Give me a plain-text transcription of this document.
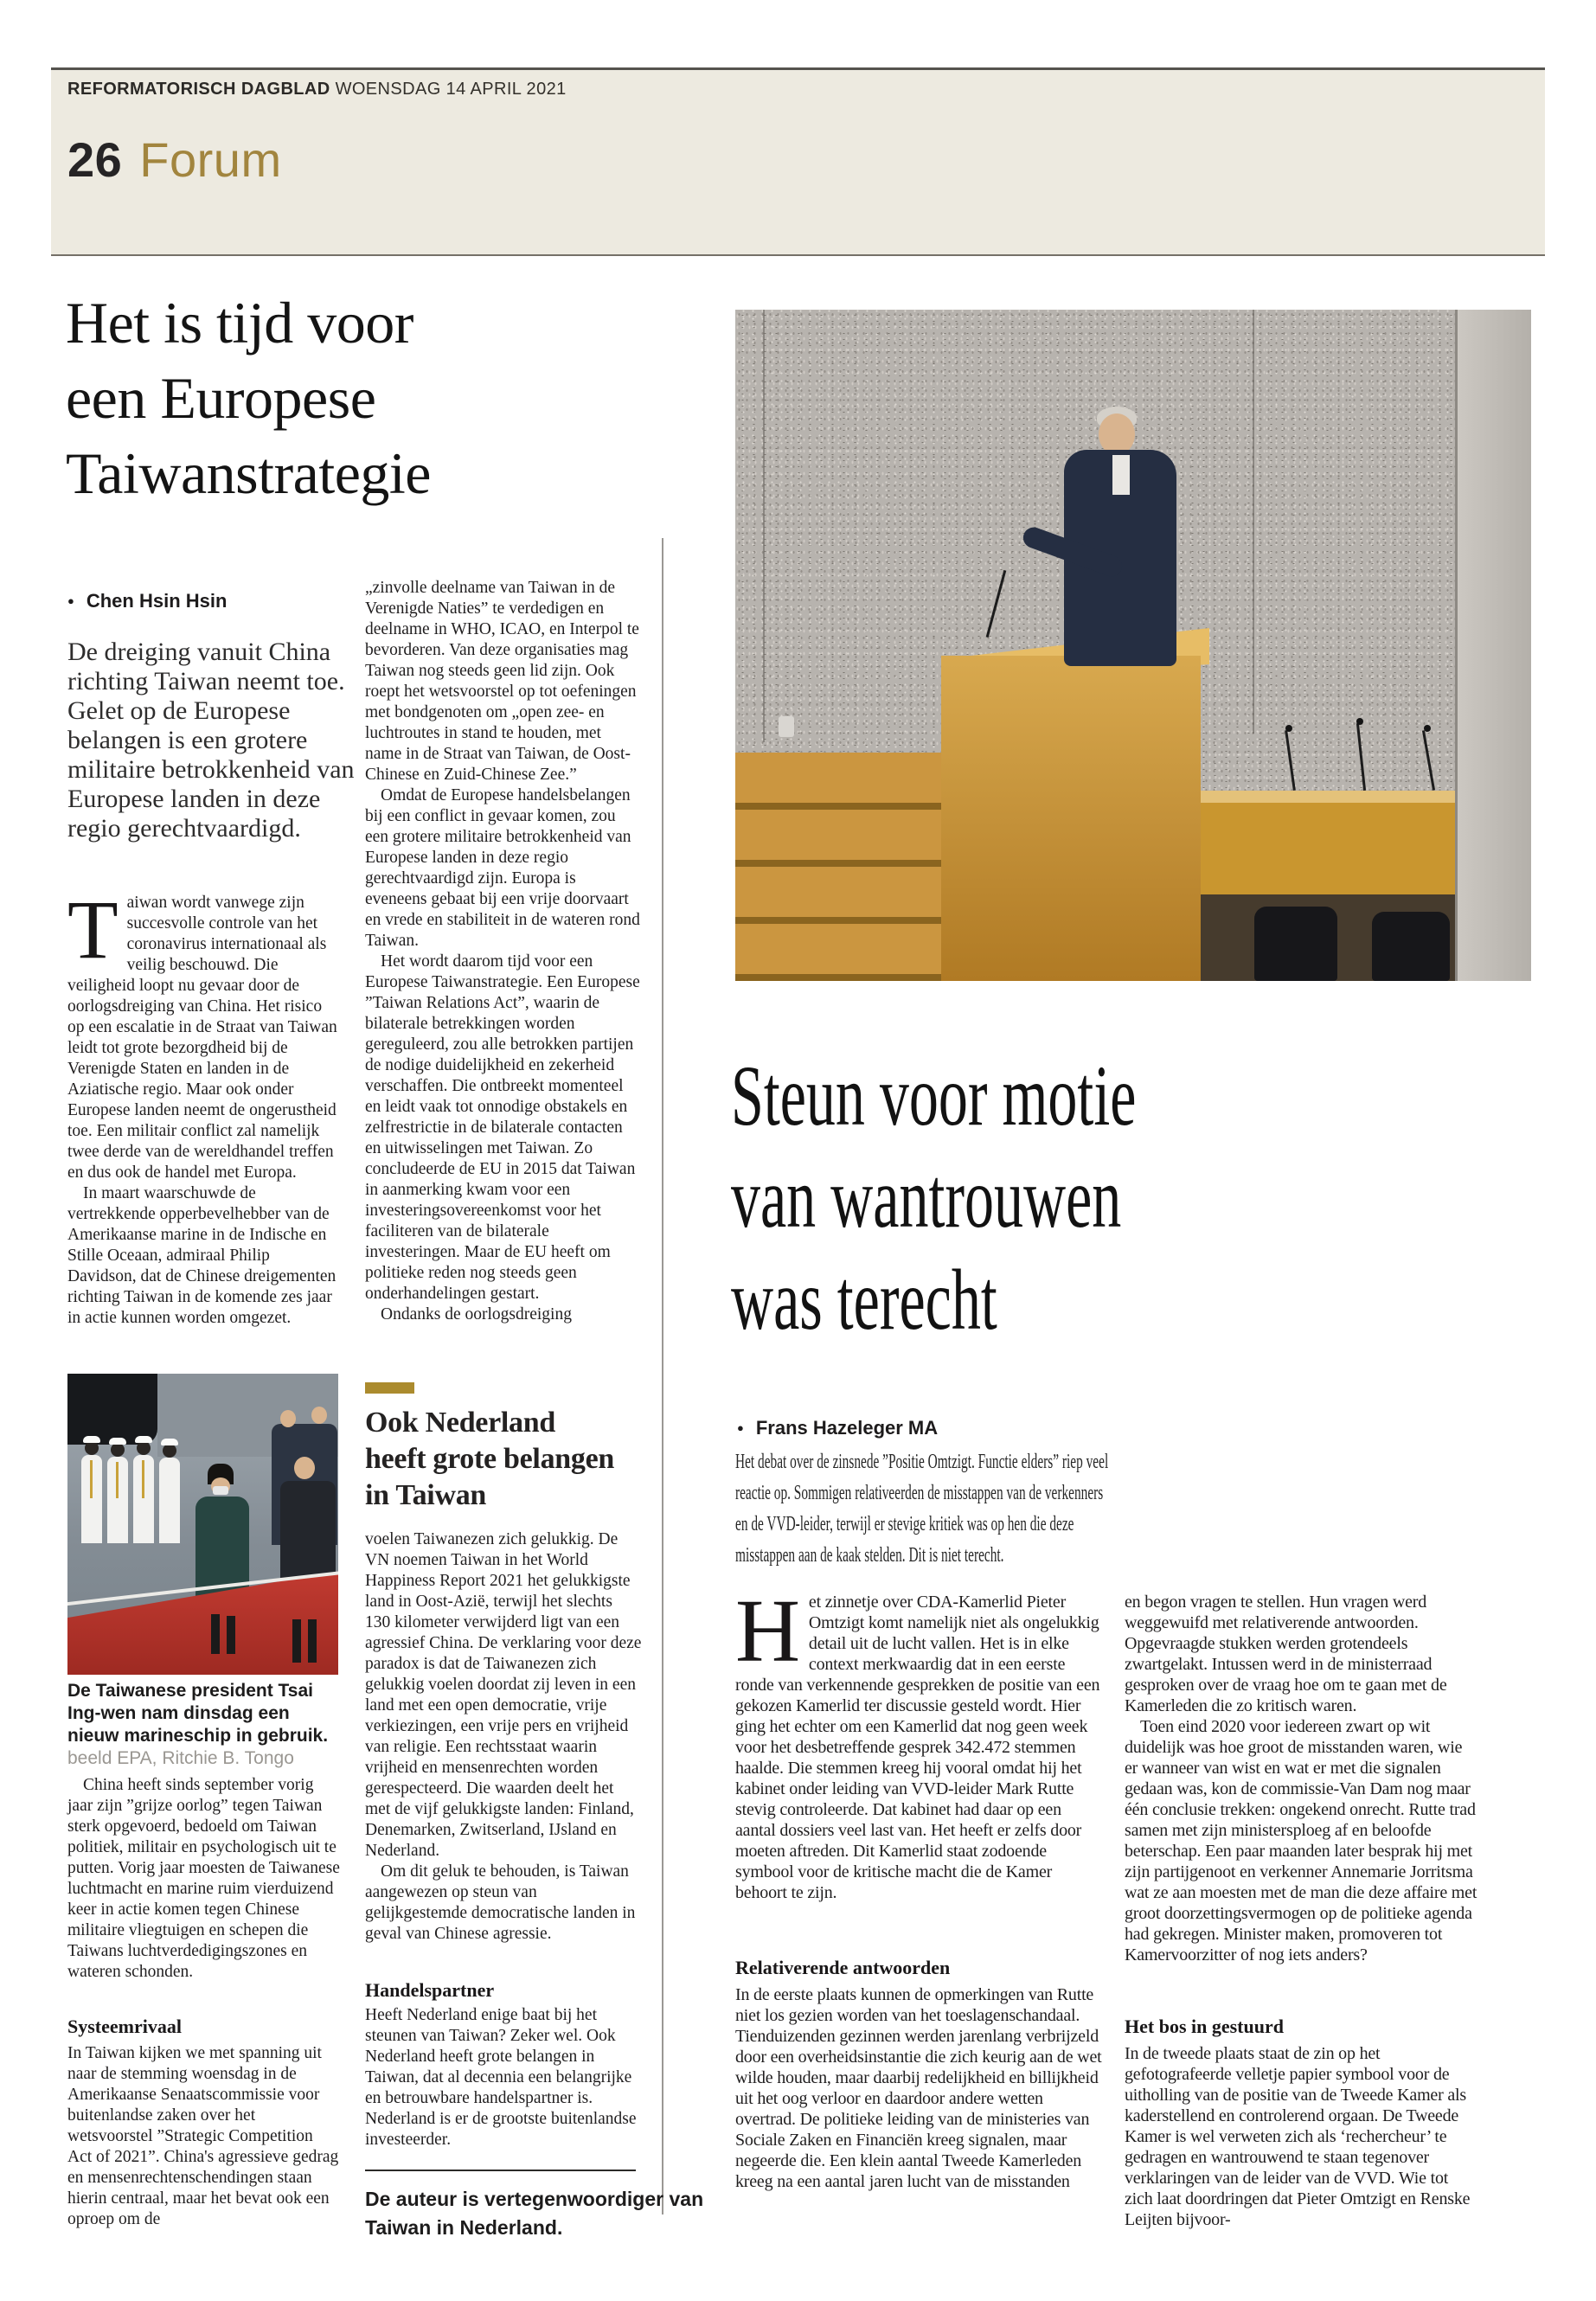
REFORMATORISCH DAGBLAD WOENSDAG 14 APRIL 2021
26 Forum
Het is tijd voor
een Europese
Taiwanstrategie
● Chen Hsin Hsin
De dreiging vanuit China richting Taiwan neemt toe. Gelet op de Europese belangen is een grotere militaire betrokkenheid van Europese landen in deze regio gerechtvaardigd.

Taiwan wordt vanwege zijn succesvolle controle van het coronavirus internationaal als veilig beschouwd. Die veiligheid loopt nu gevaar door de oorlogsdreiging van China. Het risico op een escalatie in de Straat van Taiwan leidt tot grote bezorgdheid bij de Verenigde Staten en landen in de Aziatische regio. Maar ook onder Europese landen neemt de ongerustheid toe. Een militair conflict zal namelijk twee derde van de wereldhandel treffen en dus ook de handel met Europa.

In maart waarschuwde de vertrekkende opperbevelhebber van de Amerikaanse marine in de Indische en Stille Oceaan, admiraal Philip Davidson, dat de Chinese dreigementen richting Taiwan in de komende zes jaar in actie kunnen worden omgezet.

De Taiwanese president Tsai Ing-wen nam dinsdag een nieuw marineschip in gebruik. beeld EPA, Ritchie B. Tongo

China heeft sinds september vorig jaar zijn ”grijze oorlog” tegen Taiwan sterk opgevoerd, bedoeld om Taiwan politiek, militair en psychologisch uit te putten. Vorig jaar moesten de Taiwanese luchtmacht en marine ruim vierduizend keer in actie komen tegen Chinese militaire vliegtuigen en schepen die Taiwans luchtverdedigingszones en wateren schonden.

Systeemrivaal

In Taiwan kijken we met spanning uit naar de stemming woensdag in de Amerikaanse Senaatscommissie voor buitenlandse zaken over het wetsvoorstel ”Strategic Competition Act of 2021”. China's agressieve gedrag en mensenrechtenschendingen staan hierin centraal, maar het bevat ook een oproep om de

„zinvolle deelname van Taiwan in de Verenigde Naties” te verdedigen en deelname in WHO, ICAO, en Interpol te bevorderen. Van deze organisaties mag Taiwan nog steeds geen lid zijn. Ook roept het wetsvoorstel op tot oefeningen met bondgenoten om „open zee- en luchtroutes in stand te houden, met name in de Straat van Taiwan, de Oost-Chinese en Zuid-Chinese Zee.”

Omdat de Europese handelsbelangen bij een conflict in gevaar komen, zou een grotere militaire betrokkenheid van Europese landen in deze regio gerechtvaardigd zijn. Europa is eveneens gebaat bij een vrije doorvaart en vrede en stabiliteit in de wateren rond Taiwan.

Het wordt daarom tijd voor een Europese Taiwanstrategie. Een Europese ”Taiwan Relations Act”, waarin de bilaterale betrekkingen worden gereguleerd, zou alle betrokken partijen de nodige duidelijkheid en zekerheid verschaffen. Die ontbreekt momenteel en leidt vaak tot onnodige obstakels en zelfrestrictie in de bilaterale contacten en uitwisselingen met Taiwan. Zo concludeerde de EU in 2015 dat Taiwan in aanmerking kwam voor een investeringsovereenkomst voor het faciliteren van de bilaterale investeringen. Maar de EU heeft om politieke reden nog steeds geen onderhandelingen gestart.

Ondanks de oorlogsdreiging

Ook Nederland
heeft grote belangen
in Taiwan

voelen Taiwanezen zich gelukkig. De VN noemen Taiwan in het World Happiness Report 2021 het gelukkigste land in Oost-Azië, terwijl het slechts 130 kilometer verwijderd ligt van een agressief China. De verklaring voor deze paradox is dat de Taiwanezen zich gelukkig voelen doordat zij leven in een land met een open democratie, vrije verkiezingen, een vrije pers en vrijheid van religie. Een rechtsstaat waarin vrijheid en mensenrechten worden gerespecteerd. Die waarden deelt het met de vijf gelukkigste landen: Finland, Denemarken, Zwitserland, IJsland en Nederland.

Om dit geluk te behouden, is Taiwan aangewezen op steun van gelijkgestemde democratische landen in geval van Chinese agressie.

Handelspartner

Heeft Nederland enige baat bij het steunen van Taiwan? Zeker wel. Ook Nederland heeft grote belangen in Taiwan, dat al decennia een belangrijke en betrouwbare handelspartner is. Nederland is er de grootste buitenlandse investeerder.

De auteur is vertegenwoordiger van
Taiwan in Nederland.
Steun voor motie
van wantrouwen
was terecht
● Frans Hazeleger MA
Het debat over de zinsnede ”Positie Omtzigt. Functie elders” riep veel reactie op. Sommigen relativeerden de misstappen van de verkenners en de VVD-leider, terwijl er stevige kritiek was op hen die deze misstappen aan de kaak stelden. Dit is niet terecht.

Het zinnetje over CDA-Kamerlid Pieter Omtzigt komt namelijk niet als ongelukkig detail uit de lucht vallen. Het is in elke context merkwaardig dat in een eerste ronde van verkennende gesprekken de positie van een gekozen Kamerlid ter discussie gesteld wordt. Hier ging het echter om een Kamerlid dat nog geen week voor het desbetreffende gesprek 342.472 stemmen haalde. Die stemmen kreeg hij vooral omdat hij het kabinet onder leiding van VVD-leider Mark Rutte stevig controleerde. Dat kabinet had daar op een aantal dossiers veel last van. Het heeft er zelfs door moeten aftreden. Dit Kamerlid staat zodoende symbool voor de kritische macht die de Kamer behoort te zijn.

Relativerende antwoorden

In de eerste plaats kunnen de opmerkingen van Rutte niet los gezien worden van het toeslagenschandaal. Tienduizenden gezinnen werden jarenlang verbrijzeld door een overheidsinstantie die zich keurig aan de wet wilde houden, maar daarbij redelijkheid en billijkheid uit het oog verloor en daardoor andere wetten overtrad. De politieke leiding van de ministeries van Sociale Zaken en Financiën kreeg signalen, maar negeerde die. Een klein aantal Tweede Kamerleden kreeg na een aantal jaren lucht van de misstanden

en begon vragen te stellen. Hun vragen werd weggewuifd met relativerende antwoorden. Opgevraagde stukken werden grotendeels zwartgelakt. Intussen werd in de ministerraad gesproken over de vraag hoe om te gaan met de Kamerleden die zo kritisch waren.

Toen eind 2020 voor iedereen zwart op wit duidelijk was hoe groot de misstanden waren, wie er wanneer van wist en wat er met die signalen gedaan was, kon de commissie-Van Dam nog maar één conclusie trekken: ongekend onrecht. Rutte trad samen met zijn ministersploeg af en beloofde beterschap. Een paar maanden later besprak hij met zijn partijgenoot en verkenner Annemarie Jorritsma wat ze aan moesten met de man die deze affaire met groot doorzettingsvermogen op de politieke agenda had gekregen. Minister maken, promoveren tot Kamervoorzitter of nog iets anders?

Het bos in gestuurd

In de tweede plaats staat de zin op het gefotografeerde velletje papier symbool voor de uitholling van de positie van de Tweede Kamer als kaderstellend en controlerend orgaan. De Tweede Kamer is wel verweten zich als ‘rechercheur’ te gedragen en wantrouwend te staan tegenover verklaringen van de leider van de VVD. Wie tot zich laat doordringen dat Pieter Omtzigt en Renske Leijten bijvoor-
